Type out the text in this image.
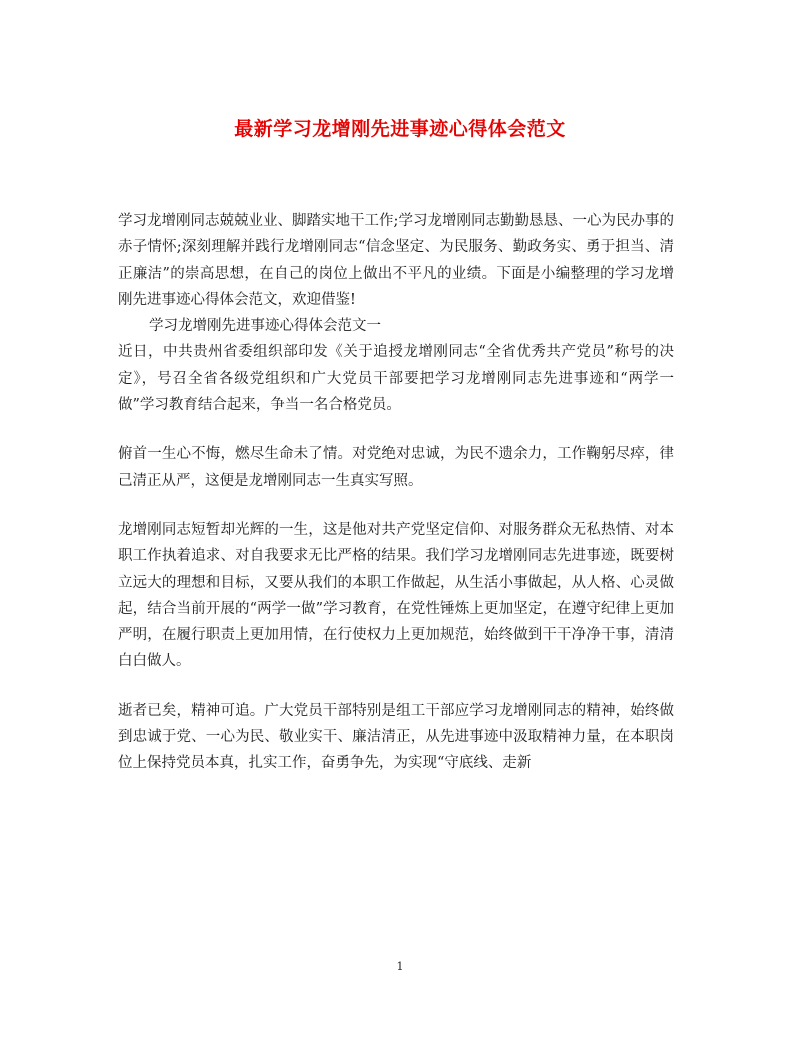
最新学习龙增刚先进事迹心得体会范文

学习龙增刚同志兢兢业业、脚踏实地干工作;学习龙增刚同志勤勤恳恳、一心为民办事的赤子情怀;深刻理解并践行龙增刚同志“信念坚定、为民服务、勤政务实、勇于担当、清正廉洁”的崇高思想，在自己的岗位上做出不平凡的业绩。下面是小编整理的学习龙增刚先进事迹心得体会范文，欢迎借鉴!

学习龙增刚先进事迹心得体会范文一

近日，中共贵州省委组织部印发《关于追授龙增刚同志“全省优秀共产党员”称号的决定》，号召全省各级党组织和广大党员干部要把学习龙增刚同志先进事迹和“两学一做”学习教育结合起来，争当一名合格党员。

俯首一生心不悔，燃尽生命未了情。对党绝对忠诚，为民不遗余力，工作鞠躬尽瘁，律己清正从严，这便是龙增刚同志一生真实写照。

龙增刚同志短暂却光辉的一生，这是他对共产党坚定信仰、对服务群众无私热情、对本职工作执着追求、对自我要求无比严格的结果。我们学习龙增刚同志先进事迹，既要树立远大的理想和目标，又要从我们的本职工作做起，从生活小事做起，从人格、心灵做起，结合当前开展的“两学一做”学习教育，在党性锤炼上更加坚定，在遵守纪律上更加严明，在履行职责上更加用情，在行使权力上更加规范，始终做到干干净净干事，清清白白做人。

逝者已矣，精神可追。广大党员干部特别是组工干部应学习龙增刚同志的精神，始终做到忠诚于党、一心为民、敬业实干、廉洁清正，从先进事迹中汲取精神力量，在本职岗位上保持党员本真，扎实工作，奋勇争先，为实现“守底线、走新

1
